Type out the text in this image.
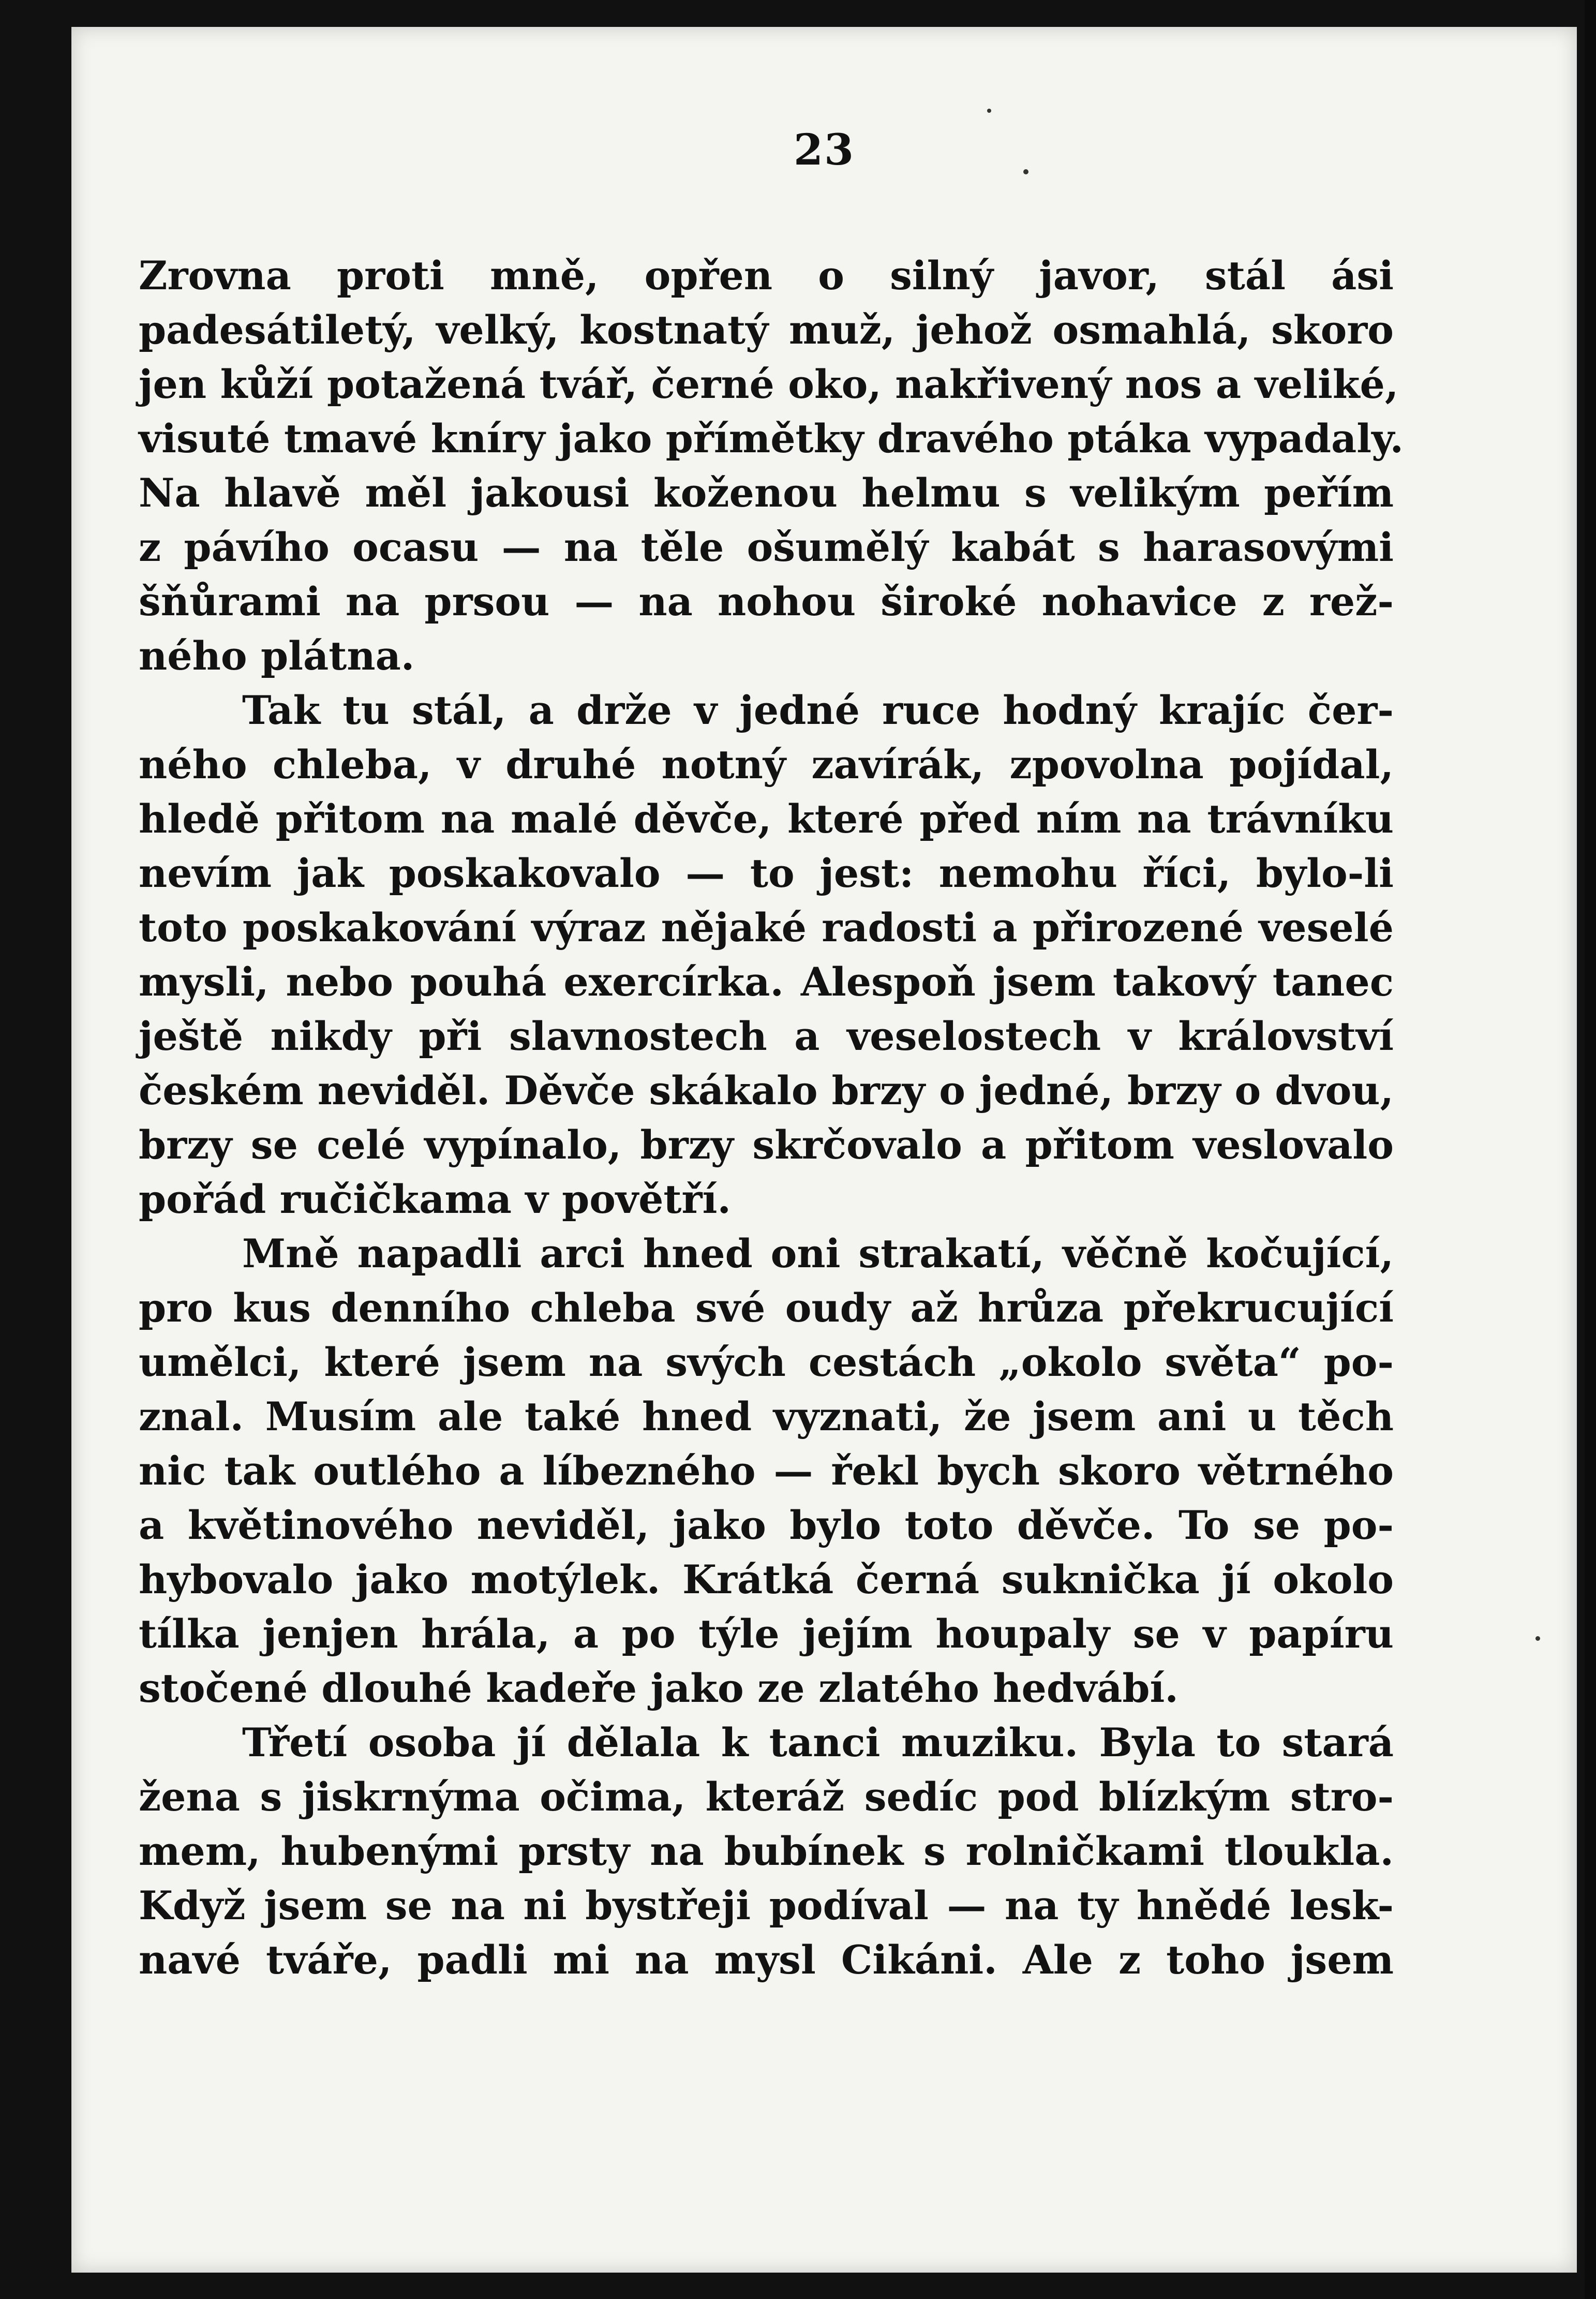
23
Zrovna proti mně, opřen o silný javor, stál ási
padesátiletý, velký, kostnatý muž, jehož osmahlá, skoro
jen kůží potažená tvář, černé oko, nakřivený nos a veliké,
visuté tmavé kníry jako přímětky dravého ptáka vypadaly.
Na hlavě měl jakousi koženou helmu s velikým peřím
z pávího ocasu — na těle ošumělý kabát s harasovými
šňůrami na prsou — na nohou široké nohavice z rež-
ného plátna.
Tak tu stál, a drže v jedné ruce hodný krajíc čer-
ného chleba, v druhé notný zavírák, zpovolna pojídal,
hledě přitom na malé děvče, které před ním na trávníku
nevím jak poskakovalo — to jest: nemohu říci, bylo-li
toto poskakování výraz nějaké radosti a přirozené veselé
mysli, nebo pouhá exercírka. Alespoň jsem takový tanec
ještě nikdy při slavnostech a veselostech v království
českém neviděl. Děvče skákalo brzy o jedné, brzy o dvou,
brzy se celé vypínalo, brzy skrčovalo a přitom veslovalo
pořád ručičkama v povětří.
Mně napadli arci hned oni strakatí, věčně kočující,
pro kus denního chleba své oudy až hrůza překrucující
umělci, které jsem na svých cestách „okolo světa“ po-
znal. Musím ale také hned vyznati, že jsem ani u těch
nic tak outlého a líbezného — řekl bych skoro větrného
a květinového neviděl, jako bylo toto děvče. To se po-
hybovalo jako motýlek. Krátká černá suknička jí okolo
tílka jenjen hrála, a po týle jejím houpaly se v papíru
stočené dlouhé kadeře jako ze zlatého hedvábí.
Třetí osoba jí dělala k tanci muziku. Byla to stará
žena s jiskrnýma očima, kteráž sedíc pod blízkým stro-
mem, hubenými prsty na bubínek s rolničkami tloukla.
Když jsem se na ni bystřeji podíval — na ty hnědé lesk-
navé tváře, padli mi na mysl Cikáni. Ale z toho jsem
